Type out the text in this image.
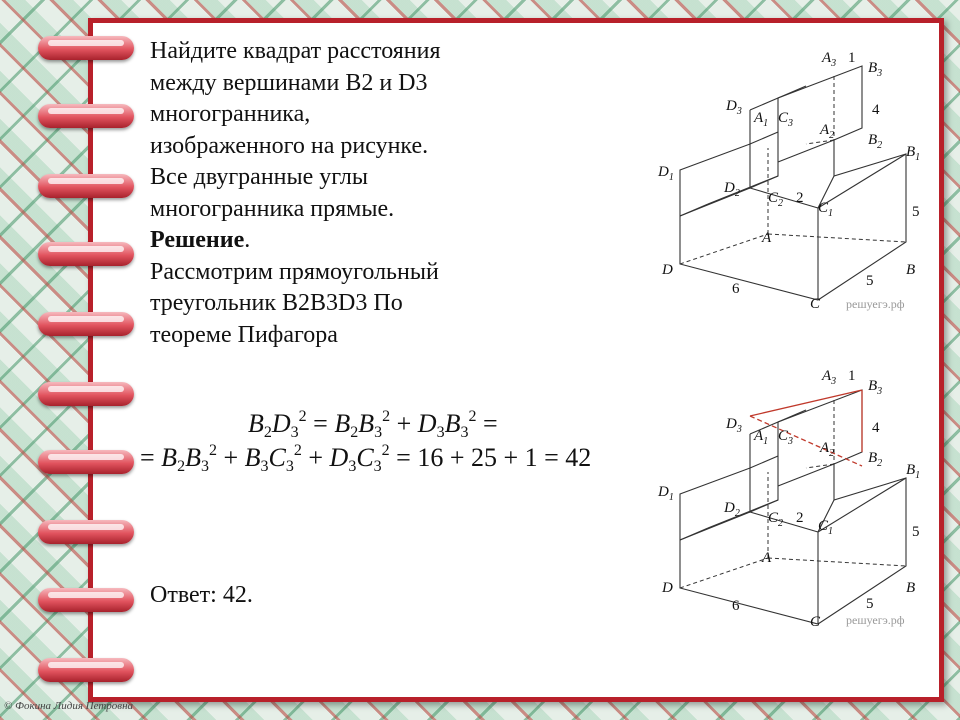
Найдите квадрат расстояния
между вершинами B2 и D3
многогранника,
изображенного на рисунке.
Все двугранные углы
многогранника прямые.
Решение.
Рассмотрим прямоугольный
треугольник B2B3D3 По
теореме Пифагора
$B_2D_3^2 = B_2B_3^2 + D_3B_3^2$ =
= $B_2B_3^2 + B_3C_3^2 + D_3C_3^2 = 16 + 25 + 1 = 42$
Ответ: 42.
$A_3$ 1
$B_3$
$D_3$ $A_1$ $C_3$
4
$A_2$ $B_2$ $B_1$
$D_1$
$D_2$ $C_2$ 2
$C_1$	5
A
D	B
6	5
C решуегэ.рф
$A_3$ 1
$B_3$
$D_3$ $A_1$ $C_3$
4
$A_2$ $B_2$ $B_1$
$D_1$
$D_2$ $C_2$ 2 $C_1$	5
A
D	B
6	5
C решуегэ.рф
© Фокина Лидия Петровна
